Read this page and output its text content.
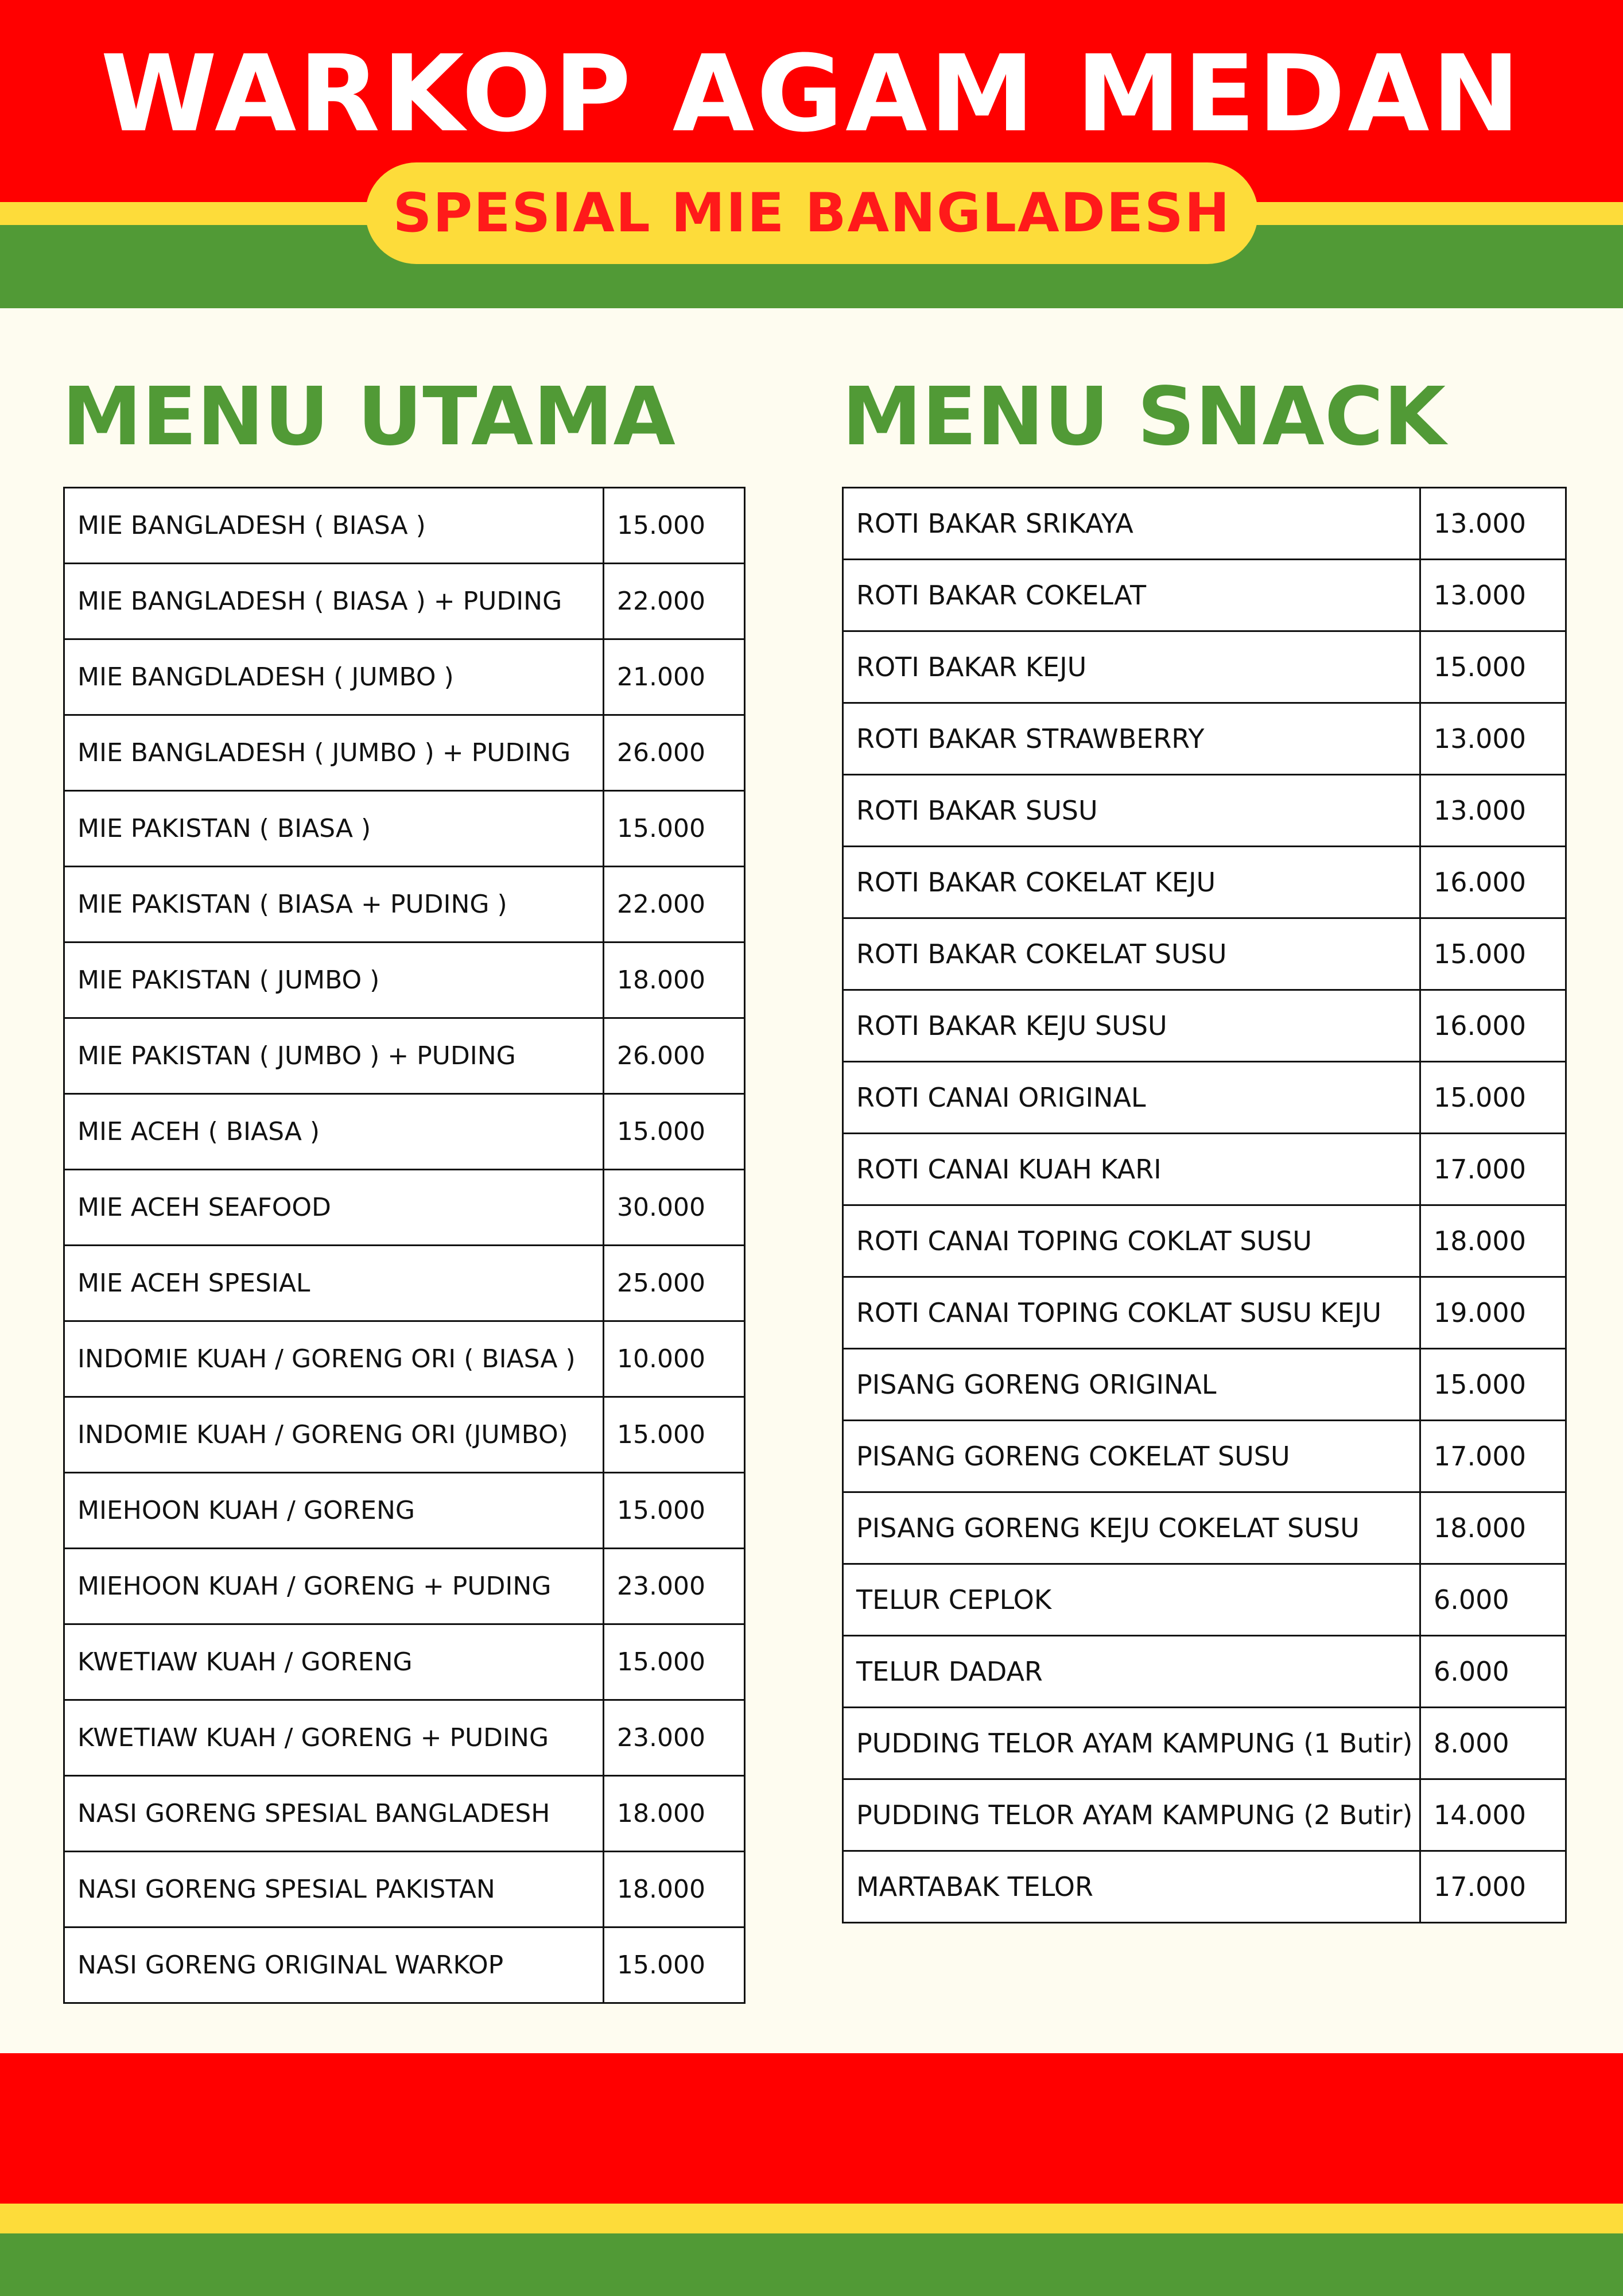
WARKOP AGAM MEDAN
SPESIAL MIE BANGLADESH
MENU UTAMA MENU SNACK
MIE BANGLADESH ( BIASA )	15.000
MIE BANGLADESH ( BIASA ) + PUDING	22.000
MIE BANGDLADESH ( JUMBO )	21.000
MIE BANGLADESH ( JUMBO ) + PUDING	26.000
MIE PAKISTAN ( BIASA )	15.000
MIE PAKISTAN ( BIASA + PUDING )	22.000
MIE PAKISTAN ( JUMBO )	18.000
MIE PAKISTAN ( JUMBO ) + PUDING	26.000
MIE ACEH ( BIASA )	15.000
MIE ACEH SEAFOOD	30.000
MIE ACEH SPESIAL	25.000
INDOMIE KUAH / GORENG ORI ( BIASA )	10.000
INDOMIE KUAH / GORENG ORI (JUMBO)	15.000
MIEHOON KUAH / GORENG	15.000
MIEHOON KUAH / GORENG + PUDING	23.000
KWETIAW KUAH / GORENG	15.000
KWETIAW KUAH / GORENG + PUDING	23.000
NASI GORENG SPESIAL BANGLADESH	18.000
NASI GORENG SPESIAL PAKISTAN	18.000
NASI GORENG ORIGINAL WARKOP	15.000
ROTI BAKAR SRIKAYA	13.000
ROTI BAKAR COKELAT	13.000
ROTI BAKAR KEJU	15.000
ROTI BAKAR STRAWBERRY	13.000
ROTI BAKAR SUSU	13.000
ROTI BAKAR COKELAT KEJU	16.000
ROTI BAKAR COKELAT SUSU	15.000
ROTI BAKAR KEJU SUSU	16.000
ROTI CANAI ORIGINAL	15.000
ROTI CANAI KUAH KARI	17.000
ROTI CANAI TOPING COKLAT SUSU	18.000
ROTI CANAI TOPING COKLAT SUSU KEJU	19.000
PISANG GORENG ORIGINAL	15.000
PISANG GORENG COKELAT SUSU	17.000
PISANG GORENG KEJU COKELAT SUSU	18.000
TELUR CEPLOK	6.000
TELUR DADAR	6.000
PUDDING TELOR AYAM KAMPUNG (1 Butir)	8.000
PUDDING TELOR AYAM KAMPUNG (2 Butir)	14.000
MARTABAK TELOR	17.000
